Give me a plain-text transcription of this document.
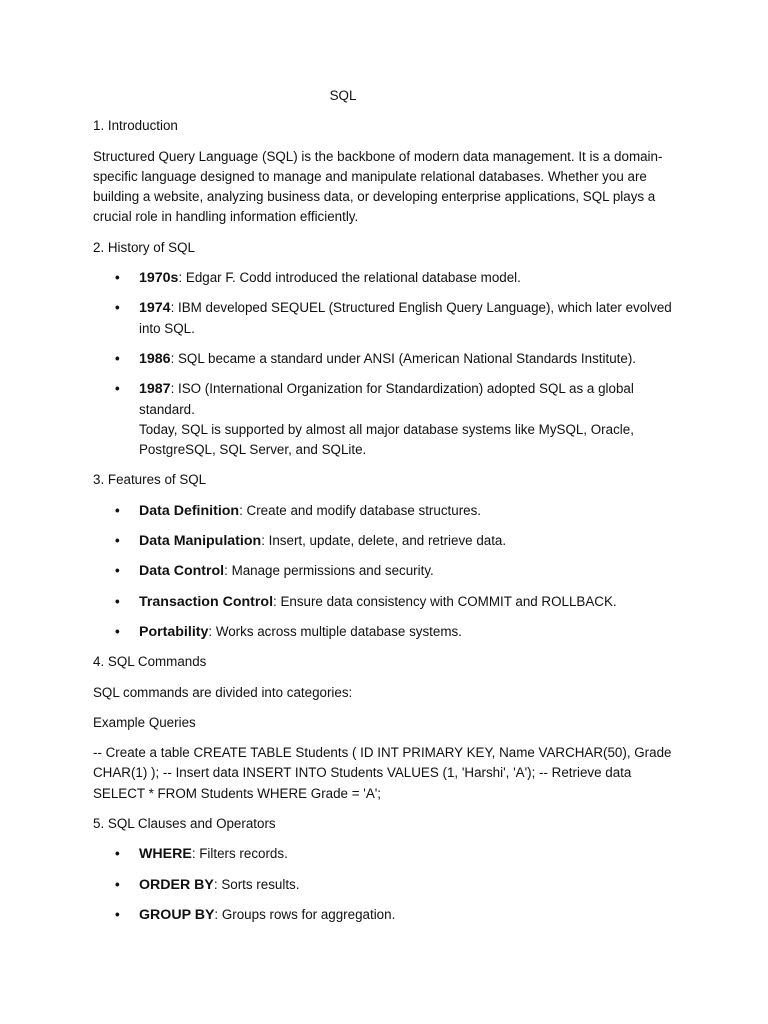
SQL
1. Introduction

Structured Query Language (SQL) is the backbone of modern data management. It is a domain-specific language designed to manage and manipulate relational databases. Whether you are building a website, analyzing business data, or developing enterprise applications, SQL plays a crucial role in handling information efficiently.

2. History of SQL
• 1970s: Edgar F. Codd introduced the relational database model.
• 1974: IBM developed SEQUEL (Structured English Query Language), which later evolved into SQL.
• 1986: SQL became a standard under ANSI (American National Standards Institute).
• 1987: ISO (International Organization for Standardization) adopted SQL as a global standard.
Today, SQL is supported by almost all major database systems like MySQL, Oracle, PostgreSQL, SQL Server, and SQLite.
3. Features of SQL
• Data Definition: Create and modify database structures.
• Data Manipulation: Insert, update, delete, and retrieve data.
• Data Control: Manage permissions and security.
• Transaction Control: Ensure data consistency with COMMIT and ROLLBACK.
• Portability: Works across multiple database systems.
4. SQL Commands

SQL commands are divided into categories:

Example Queries

-- Create a table CREATE TABLE Students ( ID INT PRIMARY KEY, Name VARCHAR(50), Grade CHAR(1) ); -- Insert data INSERT INTO Students VALUES (1, 'Harshi', 'A'); -- Retrieve data SELECT * FROM Students WHERE Grade = 'A';

5. SQL Clauses and Operators
• WHERE: Filters records.
• ORDER BY: Sorts results.
• GROUP BY: Groups rows for aggregation.
